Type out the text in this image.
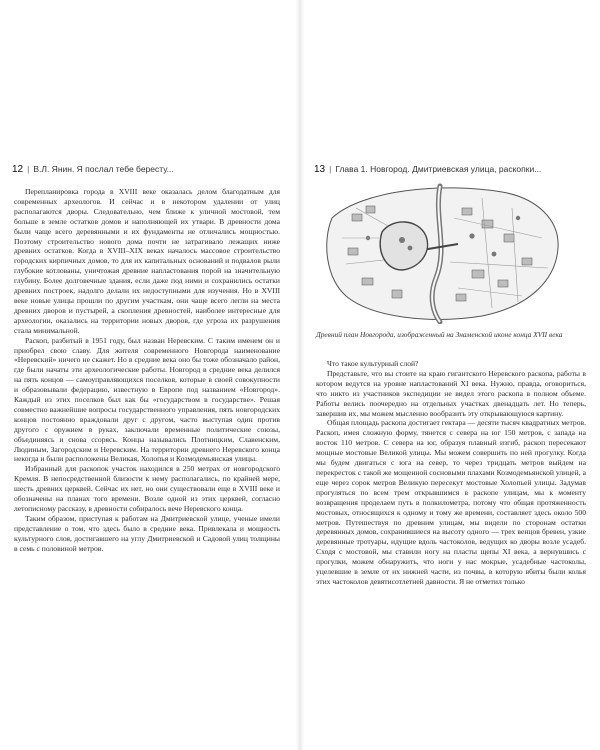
12 | В.Л. Янин. Я послал тебе бересту...

Перепланировка города в XVIII веке оказалась делом благодатным для современных археологов. И сейчас и в некотором удалении от улиц располагаются дворы. Следовательно, чем ближе к уличной мостовой, тем больше в земле остатков домов и наполняющей их утвари. В древности дома были чаще всего деревянными и их фундаменты не отличались мощностью. Поэтому строительство нового дома почти не затрагивало лежащих ниже древних остатков. Когда в XVIII–XIX веках началось массовое строительство городских кирпичных домов, то для их капитальных оснований и подвалов рыли глубокие котлованы, уничтожая древние напластования порой на значительную глубину. Более долговечные здания, если даже под ними и сохранились остатки древних построек, надолго делали их недоступными для изучения. Но в XVIII веке новые улицы прошли по другим участкам, они чаще всего легли на места древних дворов и пустырей, а скопления древностей, наиболее интересные для археологии, оказались на территории новых дворов, где угроза их разрушения стала минимальной.

Раскоп, разбитый в 1951 году, был назван Неревским. С таким именем он и приобрел свою славу. Для жителя современного Новгорода наименование «Неревский» ничего не скажет. Но в средние века оно бы тоже обозначало район, где были начаты эти археологические работы. Новгород в средние века делился на пять концов — самоуправляющихся поселков, которые в своей совокупности и образовывали федерацию, известную в Европе под названием «Новгород». Каждый из этих поселков был как бы «государством в государстве». Решая совместно важнейшие вопросы государственного управления, пять новгородских концов постоянно враждовали друг с другом, часто выступая один против другого с оружием в руках, заключали временные политические союзы, объединяясь и снова ссорясь. Концы назывались Плотницким, Славенским, Людиным, Загородским и Неревским. На территории древнего Неревского конца некогда и были расположены Великая, Холопья и Козмодемьянская улицы.

Избранный для раскопок участок находился в 250 метрах от новгородского Кремля. В непосредственной близости к нему располагались, по крайней мере, шесть древних церквей. Сейчас их нет, но они существовали еще в XVIII веке и обозначены на планах того времени. Возле одной из этих церквей, согласно летописному рассказу, в древности собиралось вече Неревского конца.

Таким образом, приступая к работам на Дмитриевской улице, ученые имели представление о том, что здесь было в средние века. Привлекала и мощность культурного слоя, достигавшего на углу Дмитриевской и Садовой улиц толщины в семь с половиной метров.

13 | Глава 1. Новгород. Дмитриевская улица, раскопки...
Древний план Новгорода, изображенный на Знаменской иконе конца XVII века

Что такое культурный слой?

Представьте, что вы стоите на краю гигантского Неревского раскопа, работы в котором ведутся на уровне напластований XI века. Нужно, правда, оговориться, что никто из участников экспедиции не видел этого раскопа в полном объеме. Работы велись поочередно на отдельных участках двенадцать лет. Но теперь, завершив их, мы можем мысленно вообразить эту открывающуюся картину.

Общая площадь раскопа достигает гектара — десяти тысяч квадратных метров. Раскоп, имея сложную форму, тянется с севера на юг 150 метров, с запада на восток 110 метров. С севера на юг, образуя плавный изгиб, раскоп пересекают мощные мостовые Великой улицы. Мы можем совершить по ней прогулку. Когда мы будем двигаться с юга на север, то через тридцать метров выйдем на перекресток с такой же мощенной сосновыми плахами Козмодемьянской улицей, а еще через сорок метров Великую пересекут мостовые Холопьей улицы. Задумав прогуляться по всем трем открывшимся в раскопе улицам, мы к моменту возвращения проделаем путь в полкилометра, потому что общая протяженность мостовых, относящихся к одному и тому же времени, составляет здесь около 500 метров. Путешествуя по древним улицам, мы видели по сторонам остатки деревянных домов, сохранившиеся на высоту одного — трех венцов бревен, узкие деревянные тротуары, идущие вдоль частоколов, ведущих ко дворы возле усадеб. Сходя с мостовой, мы ставили ногу на пласты щепы XI века, а вернувшись с прогулки, можем обнаружить, что ноги у нас мокрые, усадебные частоколы, уцелевшие в земле от их нижней части, из почвы, в которую вбиты были колья этих частоколов девятисотлетней давности. Я не отметил только
